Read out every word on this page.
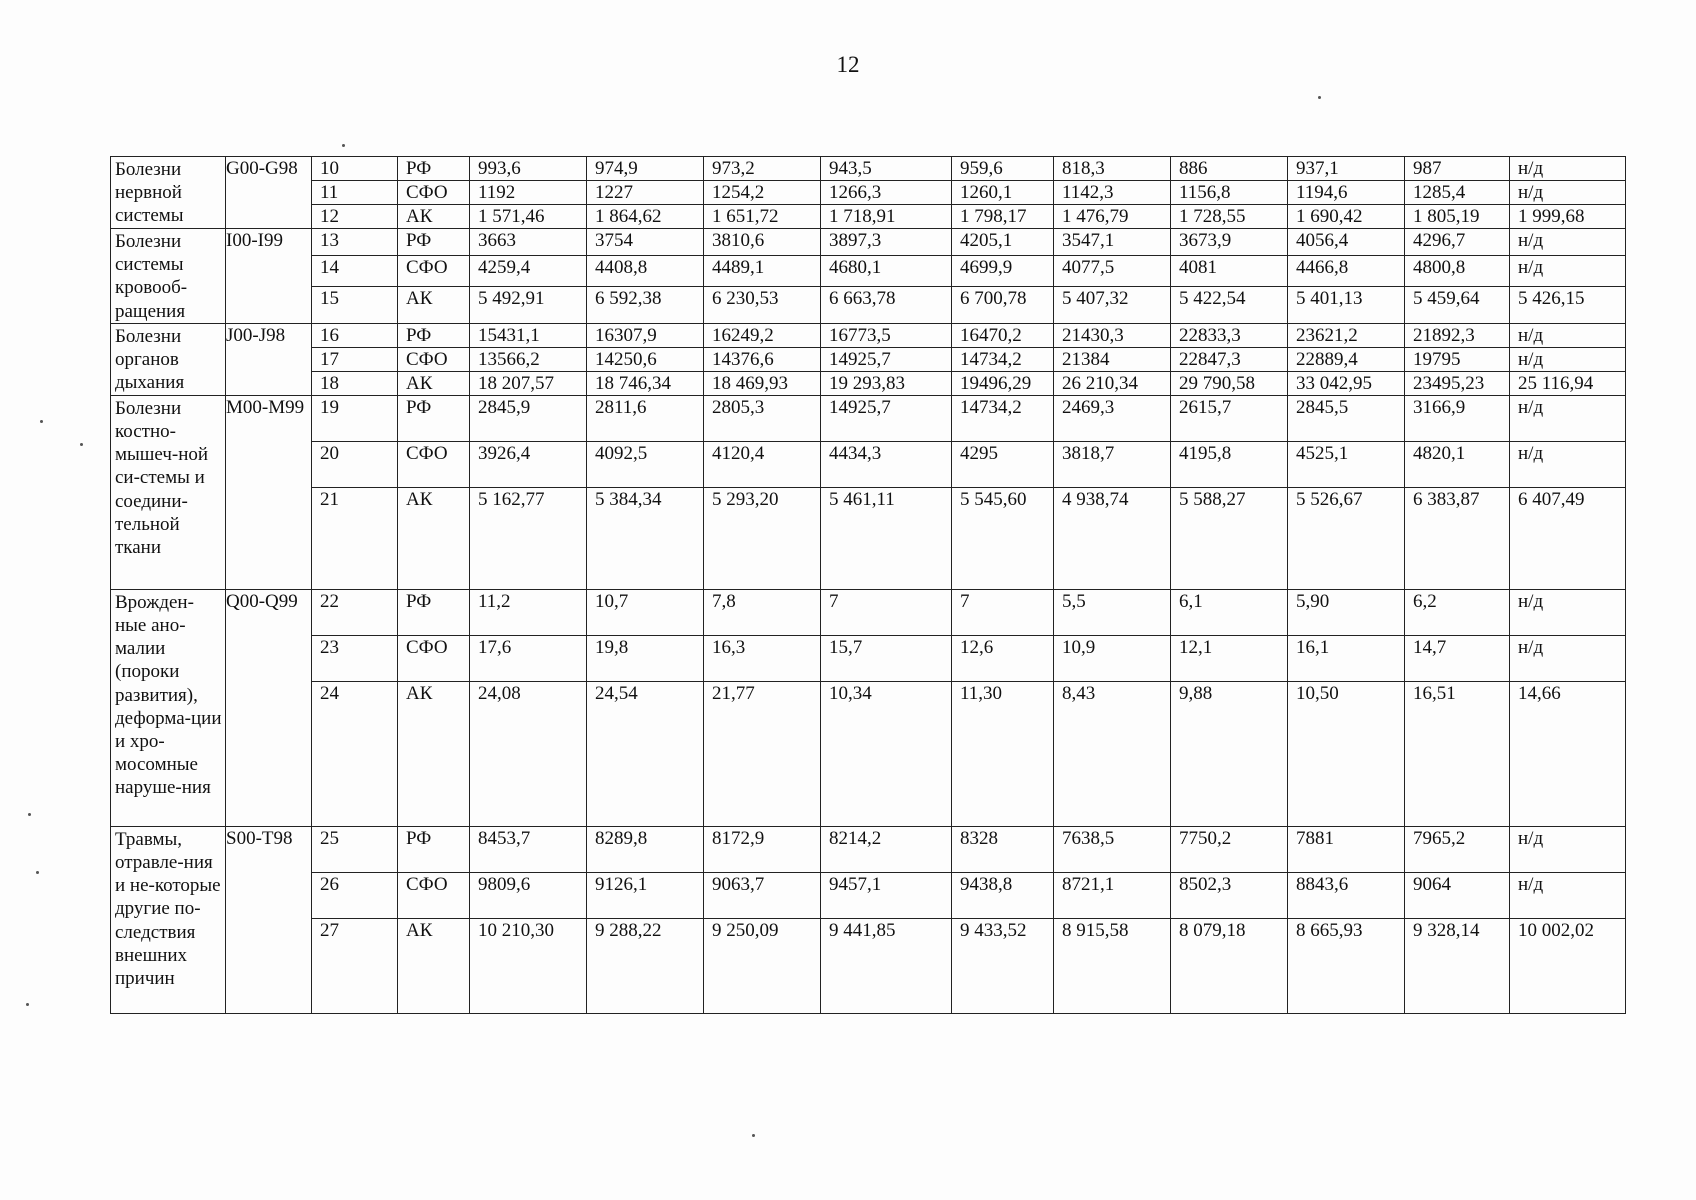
12
Болезни нервной системы	G00-G98	10	РФ	993,6	974,9	973,2	943,5	959,6	818,3	886	937,1	987	н/д
		11	СФО	1192	1227	1254,2	1266,3	1260,1	1142,3	1156,8	1194,6	1285,4	н/д
		12	АК	1 571,46	1 864,62	1 651,72	1 718,91	1 798,17	1 476,79	1 728,55	1 690,42	1 805,19	1 999,68
Болезни системы кровооб-ращения	I00-I99	13	РФ	3663	3754	3810,6	3897,3	4205,1	3547,1	3673,9	4056,4	4296,7	н/д
		14	СФО	4259,4	4408,8	4489,1	4680,1	4699,9	4077,5	4081	4466,8	4800,8	н/д
		15	АК	5 492,91	6 592,38	6 230,53	6 663,78	6 700,78	5 407,32	5 422,54	5 401,13	5 459,64	5 426,15
Болезни органов дыхания	J00-J98	16	РФ	15431,1	16307,9	16249,2	16773,5	16470,2	21430,3	22833,3	23621,2	21892,3	н/д
		17	СФО	13566,2	14250,6	14376,6	14925,7	14734,2	21384	22847,3	22889,4	19795	н/д
		18	АК	18 207,57	18 746,34	18 469,93	19 293,83	19496,29	26 210,34	29 790,58	33 042,95	23495,23	25 116,94
Болезни костно-мышеч-ной си-стемы и соедини-тельной ткани	M00-M99	19	РФ	2845,9	2811,6	2805,3	14925,7	14734,2	2469,3	2615,7	2845,5	3166,9	н/д
		20	СФО	3926,4	4092,5	4120,4	4434,3	4295	3818,7	4195,8	4525,1	4820,1	н/д
		21	АК	5 162,77	5 384,34	5 293,20	5 461,11	5 545,60	4 938,74	5 588,27	5 526,67	6 383,87	6 407,49
Врожден-ные ано-малии (пороки развития), деформа-ции и хро-мосомные наруше-ния	Q00-Q99	22	РФ	11,2	10,7	7,8	7	7	5,5	6,1	5,90	6,2	н/д
		23	СФО	17,6	19,8	16,3	15,7	12,6	10,9	12,1	16,1	14,7	н/д
		24	АК	24,08	24,54	21,77	10,34	11,30	8,43	9,88	10,50	16,51	14,66
Травмы, отравле-ния и не-которые другие по-следствия внешних причин	S00-T98	25	РФ	8453,7	8289,8	8172,9	8214,2	8328	7638,5	7750,2	7881	7965,2	н/д
		26	СФО	9809,6	9126,1	9063,7	9457,1	9438,8	8721,1	8502,3	8843,6	9064	н/д
		27	АК	10 210,30	9 288,22	9 250,09	9 441,85	9 433,52	8 915,58	8 079,18	8 665,93	9 328,14	10 002,02
